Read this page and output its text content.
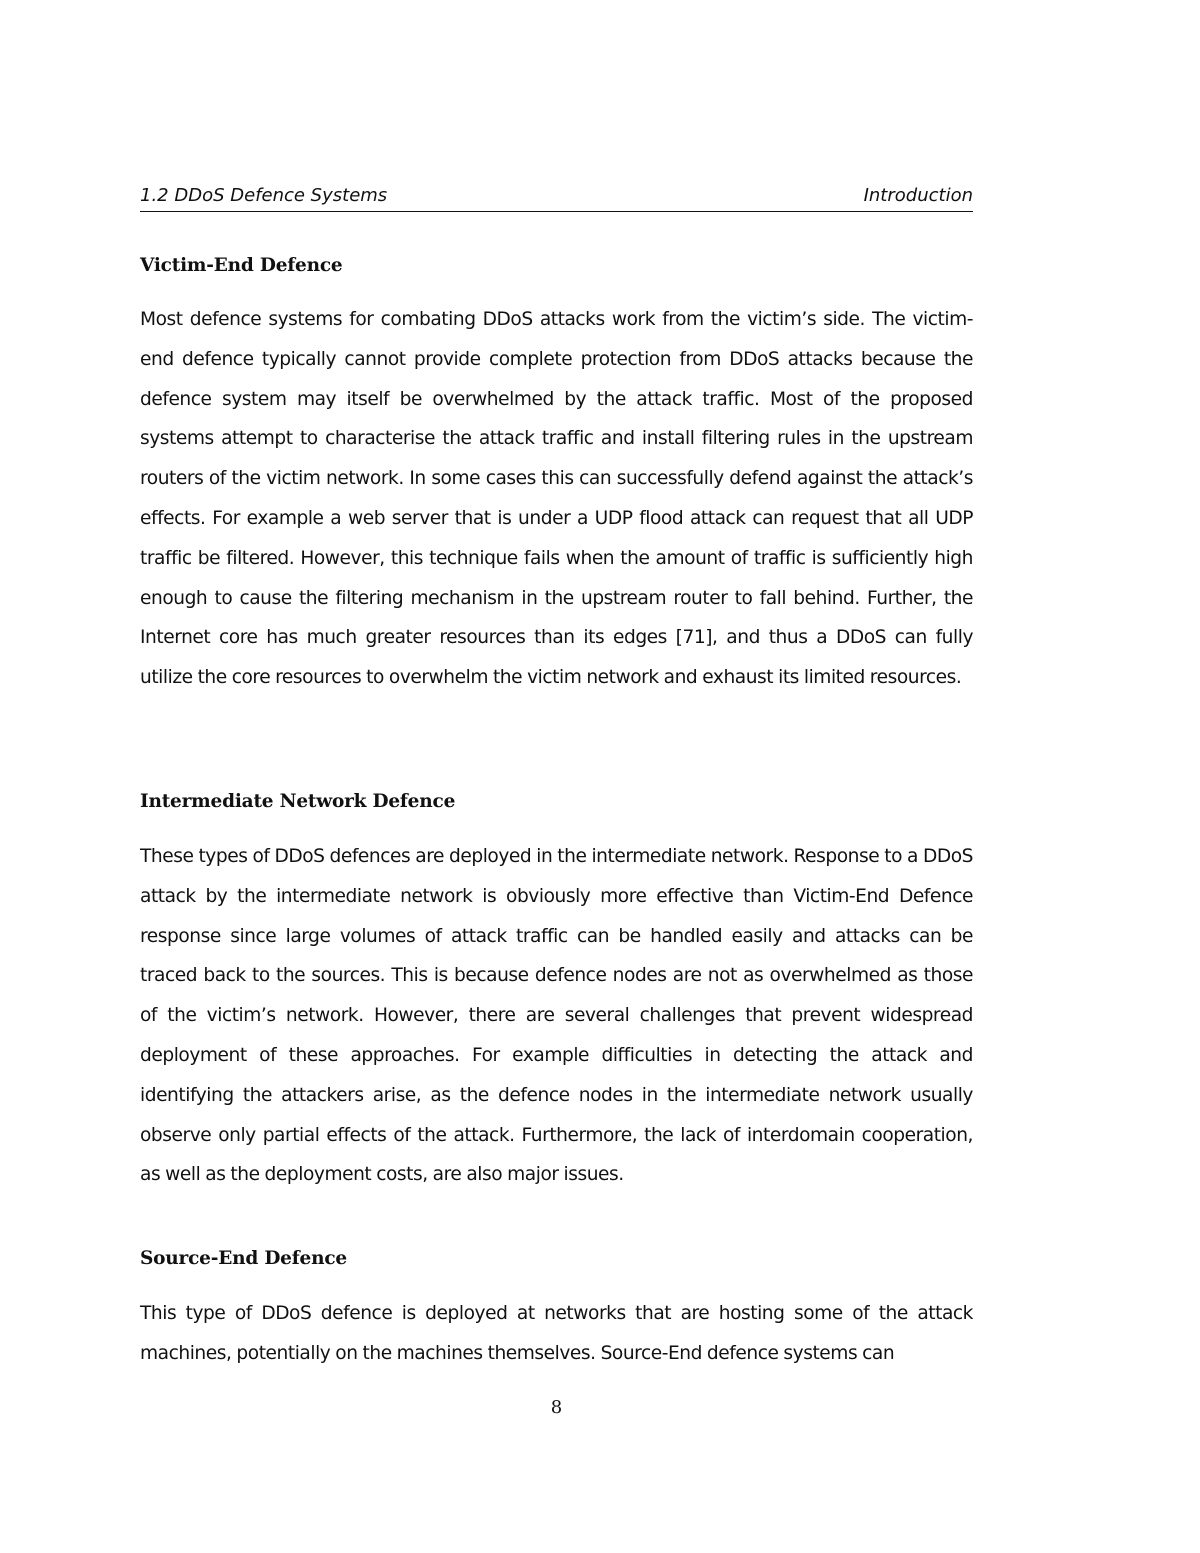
1.2 DDoS Defence Systems	Introduction
Victim-End Defence
Most defence systems for combating DDoS attacks work from the victim’s side. The victim-end defence typically cannot provide complete protection from DDoS attacks because the defence system may itself be overwhelmed by the attack traffic. Most of the proposed systems attempt to characterise the attack traffic and install filtering rules in the upstream routers of the victim network. In some cases this can successfully defend against the attack’s effects. For example a web server that is under a UDP flood attack can request that all UDP traffic be filtered. However, this technique fails when the amount of traffic is sufficiently high enough to cause the filtering mechanism in the upstream router to fall behind. Further, the Internet core has much greater resources than its edges [71], and thus a DDoS can fully utilize the core resources to overwhelm the victim network and exhaust its limited resources.
Intermediate Network Defence
These types of DDoS defences are deployed in the intermediate network. Response to a DDoS attack by the intermediate network is obviously more effective than Victim-End Defence response since large volumes of attack traffic can be handled easily and attacks can be traced back to the sources. This is because defence nodes are not as overwhelmed as those of the victim’s network. However, there are several challenges that prevent widespread deployment of these approaches. For example difficulties in detecting the attack and identifying the attackers arise, as the defence nodes in the intermediate network usually observe only partial effects of the attack. Furthermore, the lack of interdomain cooperation, as well as the deployment costs, are also major issues.
Source-End Defence
This type of DDoS defence is deployed at networks that are hosting some of the attack machines, potentially on the machines themselves. Source-End defence systems can
8
